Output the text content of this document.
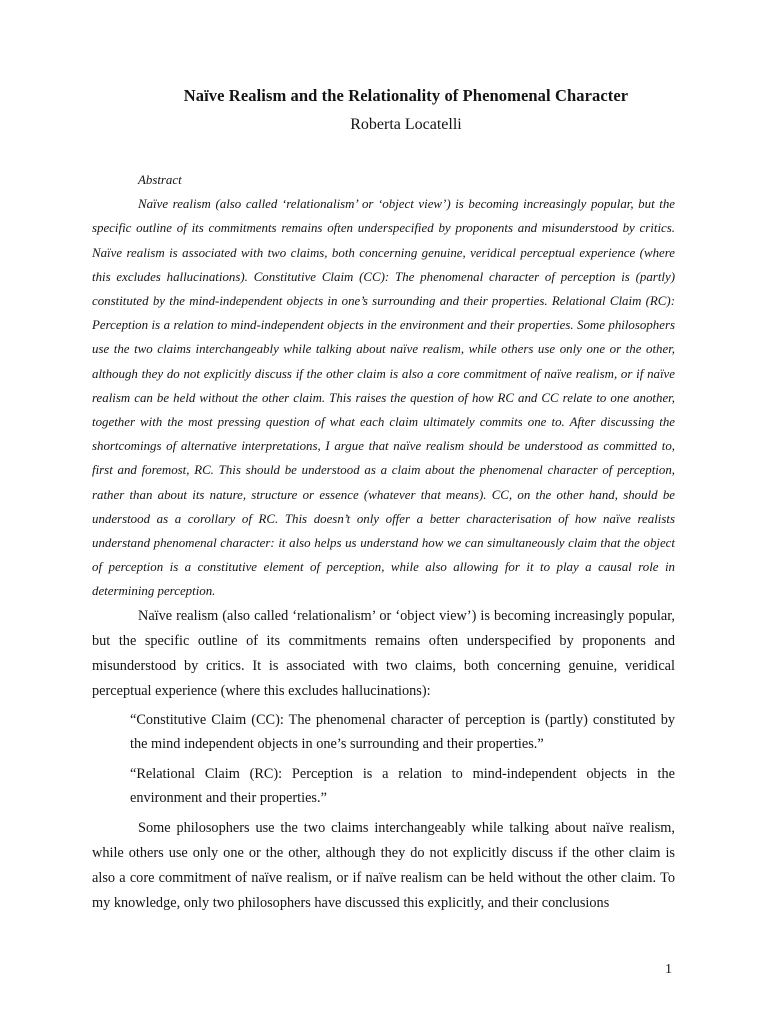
Naïve Realism and the Relationality of Phenomenal Character
Roberta Locatelli
Abstract

Naïve realism (also called ‘relationalism’ or ‘object view’) is becoming increasingly popular, but the specific outline of its commitments remains often underspecified by proponents and misunderstood by critics. Naïve realism is associated with two claims, both concerning genuine, veridical perceptual experience (where this excludes hallucinations). Constitutive Claim (CC): The phenomenal character of perception is (partly) constituted by the mind-independent objects in one’s surrounding and their properties. Relational Claim (RC): Perception is a relation to mind-independent objects in the environment and their properties. Some philosophers use the two claims interchangeably while talking about naïve realism, while others use only one or the other, although they do not explicitly discuss if the other claim is also a core commitment of naïve realism, or if naïve realism can be held without the other claim. This raises the question of how RC and CC relate to one another, together with the most pressing question of what each claim ultimately commits one to. After discussing the shortcomings of alternative interpretations, I argue that naïve realism should be understood as committed to, first and foremost, RC. This should be understood as a claim about the phenomenal character of perception, rather than about its nature, structure or essence (whatever that means). CC, on the other hand, should be understood as a corollary of RC. This doesn’t only offer a better characterisation of how naïve realists understand phenomenal character: it also helps us understand how we can simultaneously claim that the object of perception is a constitutive element of perception, while also allowing for it to play a causal role in determining perception.

Naïve realism (also called ‘relationalism’ or ‘object view’) is becoming increasingly popular, but the specific outline of its commitments remains often underspecified by proponents and misunderstood by critics. It is associated with two claims, both concerning genuine, veridical perceptual experience (where this excludes hallucinations):

“Constitutive Claim (CC): The phenomenal character of perception is (partly) constituted by the mind independent objects in one’s surrounding and their properties.”

“Relational Claim (RC): Perception is a relation to mind-independent objects in the environment and their properties.”

Some philosophers use the two claims interchangeably while talking about naïve realism, while others use only one or the other, although they do not explicitly discuss if the other claim is also a core commitment of naïve realism, or if naïve realism can be held without the other claim. To my knowledge, only two philosophers have discussed this explicitly, and their conclusions

1
